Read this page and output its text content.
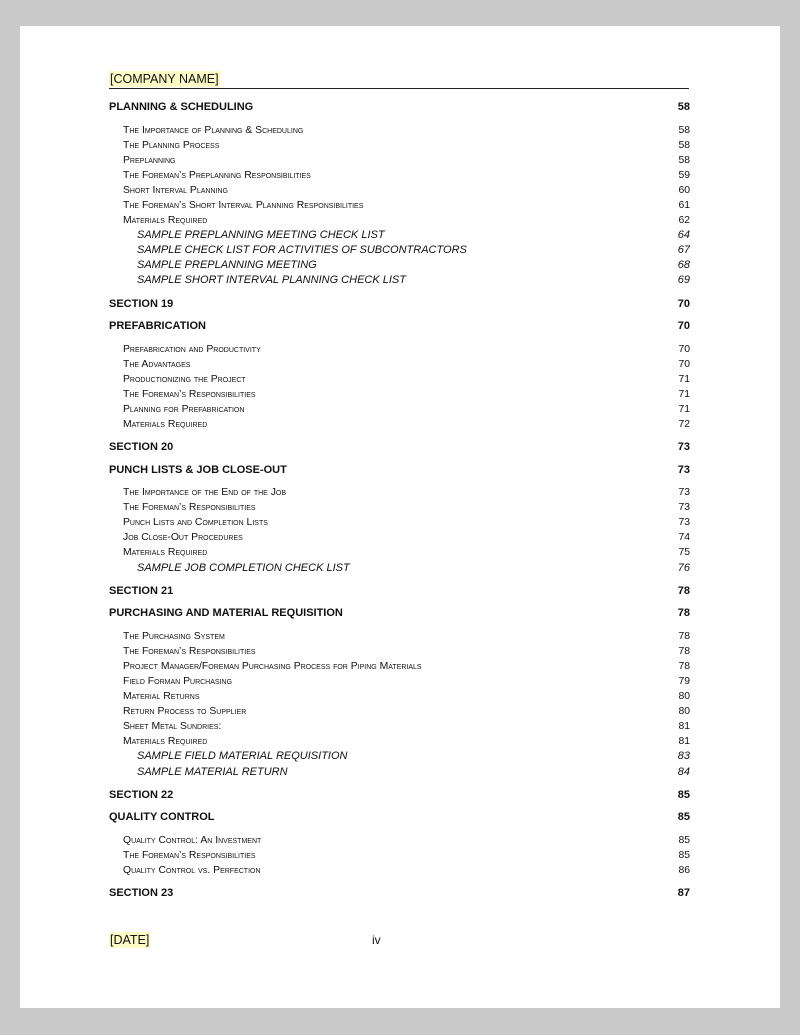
[COMPANY NAME]
PLANNING & SCHEDULING	58
The Importance of Planning & Scheduling	58
The Planning Process	58
Preplanning	58
The Foreman’s Preplanning Responsibilities	59
Short Interval Planning	60
The Foreman’s Short Interval Planning Responsibilities	61
Materials Required	62
SAMPLE PREPLANNING MEETING CHECK LIST	64
SAMPLE CHECK LIST FOR ACTIVITIES OF SUBCONTRACTORS	67
SAMPLE PREPLANNING MEETING	68
SAMPLE SHORT INTERVAL PLANNING CHECK LIST	69
SECTION 19	70
PREFABRICATION	70
Prefabrication and Productivity	70
The Advantages	70
Productionizing the Project	71
The Foreman’s Responsibilities	71
Planning for Prefabrication	71
Materials Required	72
SECTION 20	73
PUNCH LISTS & JOB CLOSE-OUT	73
The Importance of the End of the Job	73
The Foreman’s Responsibilities	73
Punch Lists and Completion Lists	73
Job Close-Out Procedures	74
Materials Required	75
SAMPLE JOB COMPLETION CHECK LIST	76
SECTION 21	78
PURCHASING AND MATERIAL REQUISITION	78
The Purchasing System	78
The Foreman’s Responsibilities	78
Project Manager/Foreman Purchasing Process for Piping Materials	78
Field Forman Purchasing	79
Material Returns	80
Return Process to Supplier	80
Sheet Metal Sundries:	81
Materials Required	81
SAMPLE FIELD MATERIAL REQUISITION	83
SAMPLE MATERIAL RETURN	84
SECTION 22	85
QUALITY CONTROL	85
Quality Control: An Investment	85
The Foreman’s Responsibilities	85
Quality Control vs. Perfection	86
SECTION 23	87
[DATE]	iv
